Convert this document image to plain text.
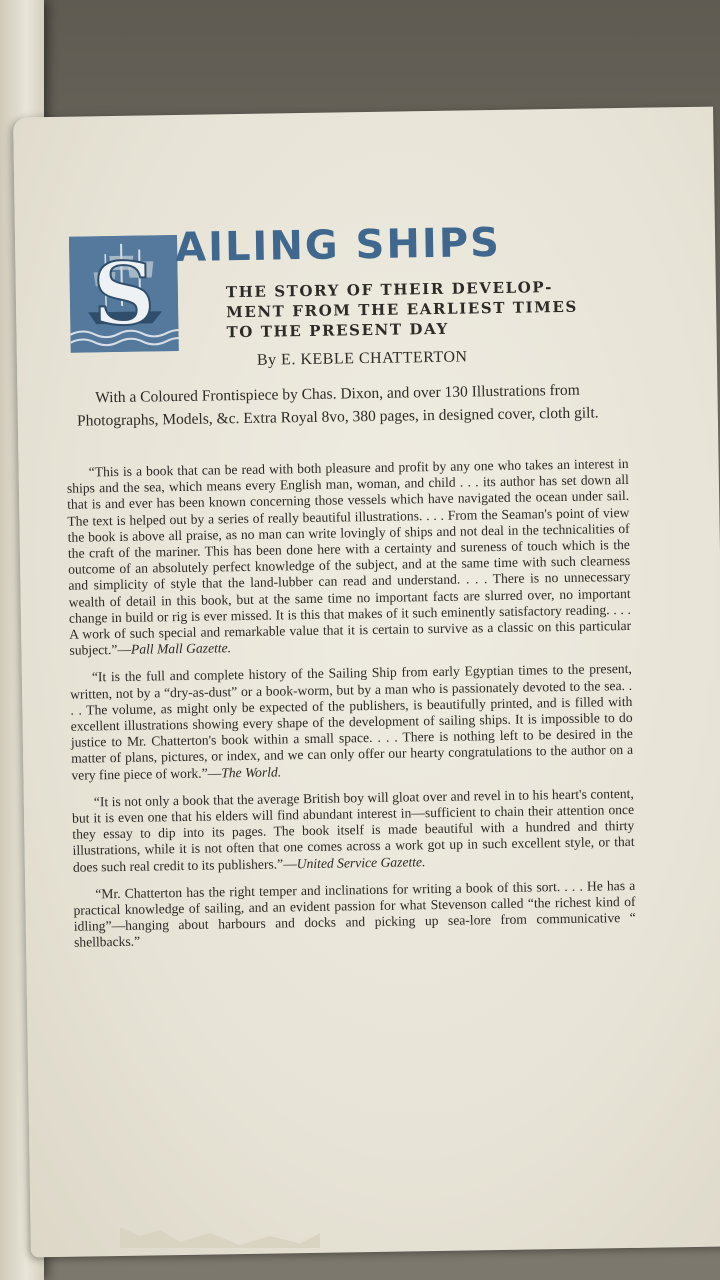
S AILING SHIPS
THE STORY OF THEIR DEVELOPMENT FROM THE EARLIEST TIMES TO THE PRESENT DAY
By E. KEBLE CHATTERTON
With a Coloured Frontispiece by Chas. Dixon, and over 130 Illustrations from Photographs, Models, &c. Extra Royal 8vo, 380 pages, in designed cover, cloth gilt.

“This is a book that can be read with both pleasure and profit by any one who takes an interest in ships and the sea, which means every English man, woman, and child . . . its author has set down all that is and ever has been known concerning those vessels which have navigated the ocean under sail. The text is helped out by a series of really beautiful illustrations. . . . From the Seaman's point of view the book is above all praise, as no man can write lovingly of ships and not deal in the technicalities of the craft of the mariner. This has been done here with a certainty and sureness of touch which is the outcome of an absolutely perfect knowledge of the subject, and at the same time with such clearness and simplicity of style that the land-lubber can read and understand. . . . There is no unnecessary wealth of detail in this book, but at the same time no important facts are slurred over, no important change in build or rig is ever missed. It is this that makes of it such eminently satisfactory reading. . . . A work of such special and remarkable value that it is certain to survive as a classic on this particular subject.”—Pall Mall Gazette.

“It is the full and complete history of the Sailing Ship from early Egyptian times to the present, written, not by a “dry-as-dust” or a book-worm, but by a man who is passionately devoted to the sea. . . . The volume, as might only be expected of the publishers, is beautifully printed, and is filled with excellent illustrations showing every shape of the development of sailing ships. It is impossible to do justice to Mr. Chatterton's book within a small space. . . . There is nothing left to be desired in the matter of plans, pictures, or index, and we can only offer our hearty congratulations to the author on a very fine piece of work.”—The World.

“It is not only a book that the average British boy will gloat over and revel in to his heart's content, but it is even one that his elders will find abundant interest in—sufficient to chain their attention once they essay to dip into its pages. The book itself is made beautiful with a hundred and thirty illustrations, while it is not often that one comes across a work got up in such excellent style, or that does such real credit to its publishers.”—United Service Gazette.

“Mr. Chatterton has the right temper and inclinations for writing a book of this sort. . . . He has a practical knowledge of sailing, and an evident passion for what Stevenson called “the richest kind of idling”—hanging about harbours and docks and picking up sea-lore from communicative “ shellbacks.”
